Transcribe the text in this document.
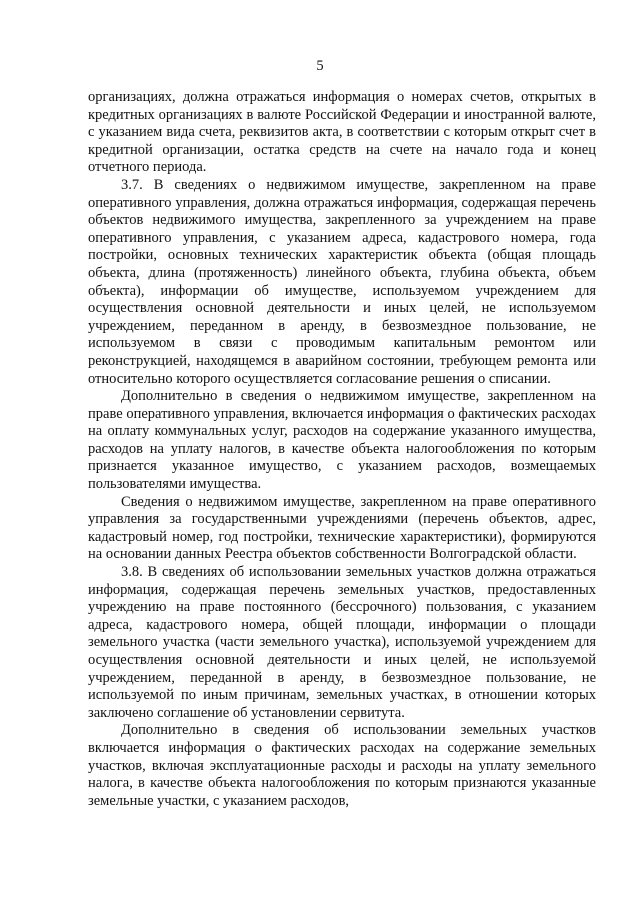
5

организациях, должна отражаться информация о номерах счетов, открытых в кредитных организациях в валюте Российской Федерации и иностранной валюте, с указанием вида счета, реквизитов акта, в соответствии с которым открыт счет в кредитной организации, остатка средств на счете на начало года и конец отчетного периода.

3.7. В сведениях о недвижимом имуществе, закрепленном на праве оперативного управления, должна отражаться информация, содержащая перечень объектов недвижимого имущества, закрепленного за учреждением на праве оперативного управления, с указанием адреса, кадастрового номера, года постройки, основных технических характеристик объекта (общая площадь объекта, длина (протяженность) линейного объекта, глубина объекта, объем объекта), информации об имуществе, используемом учреждением для осуществления основной деятельности и иных целей, не используемом учреждением, переданном в аренду, в безвозмездное пользование, не используемом в связи с проводимым капитальным ремонтом или реконструкцией, находящемся в аварийном состоянии, требующем ремонта или относительно которого осуществляется согласование решения о списании.

Дополнительно в сведения о недвижимом имуществе, закрепленном на праве оперативного управления, включается информация о фактических расходах на оплату коммунальных услуг, расходов на содержание указанного имущества, расходов на уплату налогов, в качестве объекта налогообложения по которым признается указанное имущество, с указанием расходов, возмещаемых пользователями имущества.

Сведения о недвижимом имуществе, закрепленном на праве оперативного управления за государственными учреждениями (перечень объектов, адрес, кадастровый номер, год постройки, технические характеристики), формируются на основании данных Реестра объектов собственности Волгоградской области.

3.8. В сведениях об использовании земельных участков должна отражаться информация, содержащая перечень земельных участков, предоставленных учреждению на праве постоянного (бессрочного) пользования, с указанием адреса, кадастрового номера, общей площади, информации о площади земельного участка (части земельного участка), используемой учреждением для осуществления основной деятельности и иных целей, не используемой учреждением, переданной в аренду, в безвозмездное пользование, не используемой по иным причинам, земельных участках, в отношении которых заключено соглашение об установлении сервитута.

Дополнительно в сведения об использовании земельных участков включается информация о фактических расходах на содержание земельных участков, включая эксплуатационные расходы и расходы на уплату земельного налога, в качестве объекта налогообложения по которым признаются указанные земельные участки, с указанием расходов,
